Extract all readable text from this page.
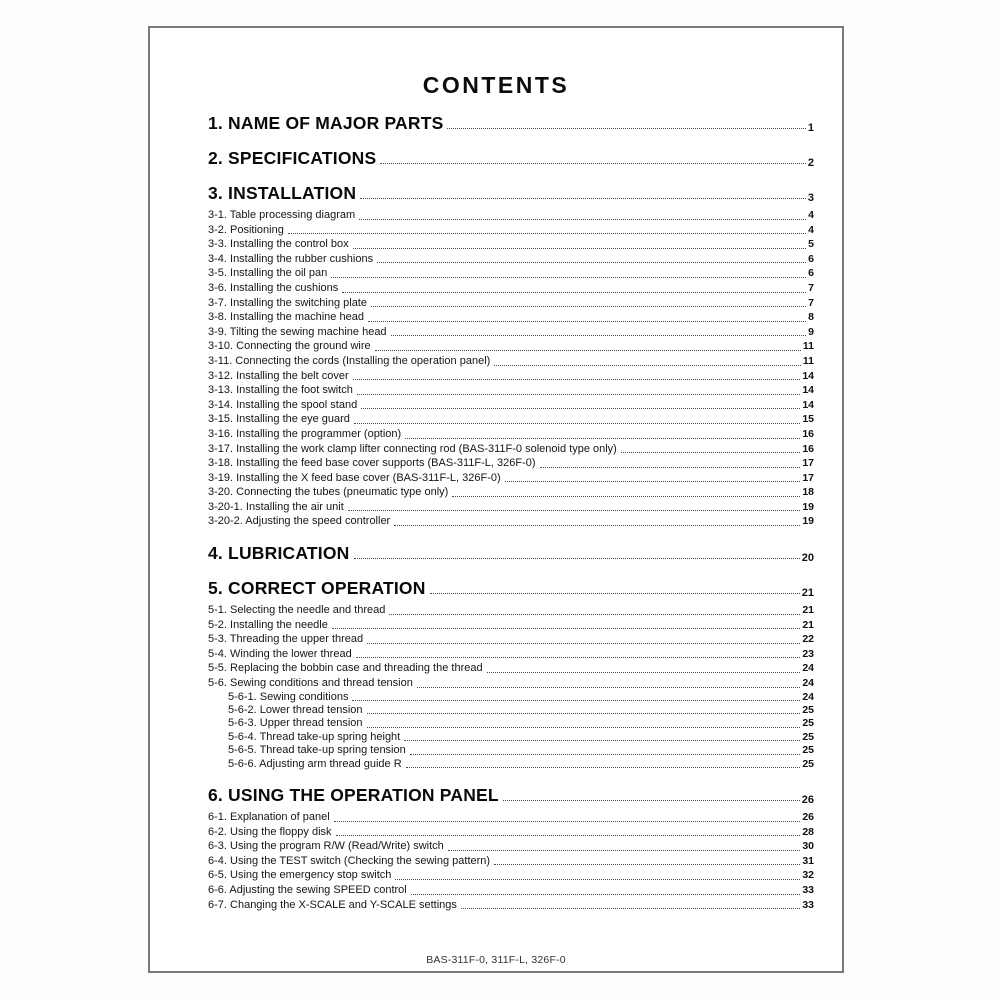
CONTENTS
1. NAME OF MAJOR PARTS	1
2. SPECIFICATIONS	2
3. INSTALLATION	3
3-1. Table processing diagram	4
3-2. Positioning	4
3-3. Installing the control box	5
3-4. Installing the rubber cushions	6
3-5. Installing the oil pan	6
3-6. Installing the cushions	7
3-7. Installing the switching plate	7
3-8. Installing the machine head	8
3-9. Tilting the sewing machine head	9
3-10. Connecting the ground wire	11
3-11. Connecting the cords (Installing the operation panel)	11
3-12. Installing the belt cover	14
3-13. Installing the foot switch	14
3-14. Installing the spool stand	14
3-15. Installing the eye guard	15
3-16. Installing the programmer (option)	16
3-17. Installing the work clamp lifter connecting rod (BAS-311F-0 solenoid type only)	16
3-18. Installing the feed base cover supports (BAS-311F-L, 326F-0)	17
3-19. Installing the X feed base cover (BAS-311F-L, 326F-0)	17
3-20. Connecting the tubes (pneumatic type only)	18
3-20-1. Installing the air unit	19
3-20-2. Adjusting the speed controller	19
4. LUBRICATION	20
5. CORRECT OPERATION	21
5-1. Selecting the needle and thread	21
5-2. Installing the needle	21
5-3. Threading the upper thread	22
5-4. Winding the lower thread	23
5-5. Replacing the bobbin case and threading the thread	24
5-6. Sewing conditions and thread tension	24
5-6-1. Sewing conditions	24
5-6-2. Lower thread tension	25
5-6-3. Upper thread tension	25
5-6-4. Thread take-up spring height	25
5-6-5. Thread take-up spring tension	25
5-6-6. Adjusting arm thread guide R	25
6. USING THE OPERATION PANEL	26
6-1. Explanation of panel	26
6-2. Using the floppy disk	28
6-3. Using the program R/W (Read/Write) switch	30
6-4. Using the TEST switch (Checking the sewing pattern)	31
6-5. Using the emergency stop switch	32
6-6. Adjusting the sewing SPEED control	33
6-7. Changing the X-SCALE and Y-SCALE settings	33
BAS-311F-0, 311F-L, 326F-0
